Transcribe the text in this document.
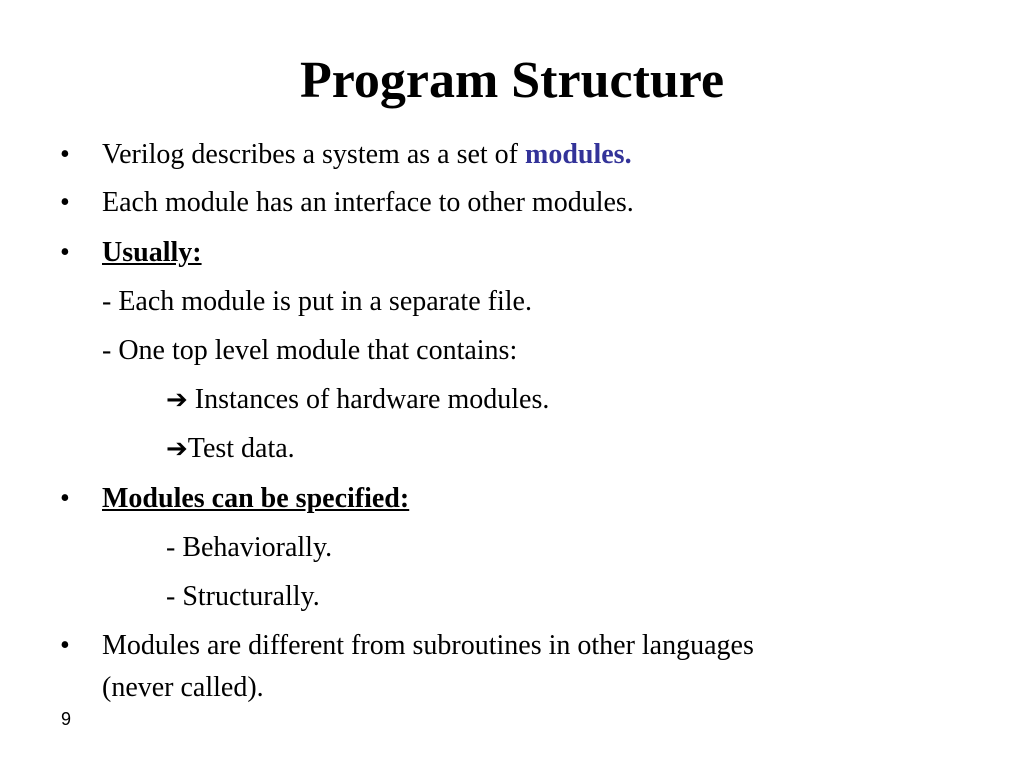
Program Structure
• Verilog describes a system as a set of modules.
• Each module has an interface to other modules.
• Usually:
- Each module is put in a separate file.
- One top level module that contains:
➔ Instances of hardware modules.
➔Test data.
• Modules can be specified:
- Behaviorally.
- Structurally.
• Modules are different from subroutines in other languages
(never called).
9
